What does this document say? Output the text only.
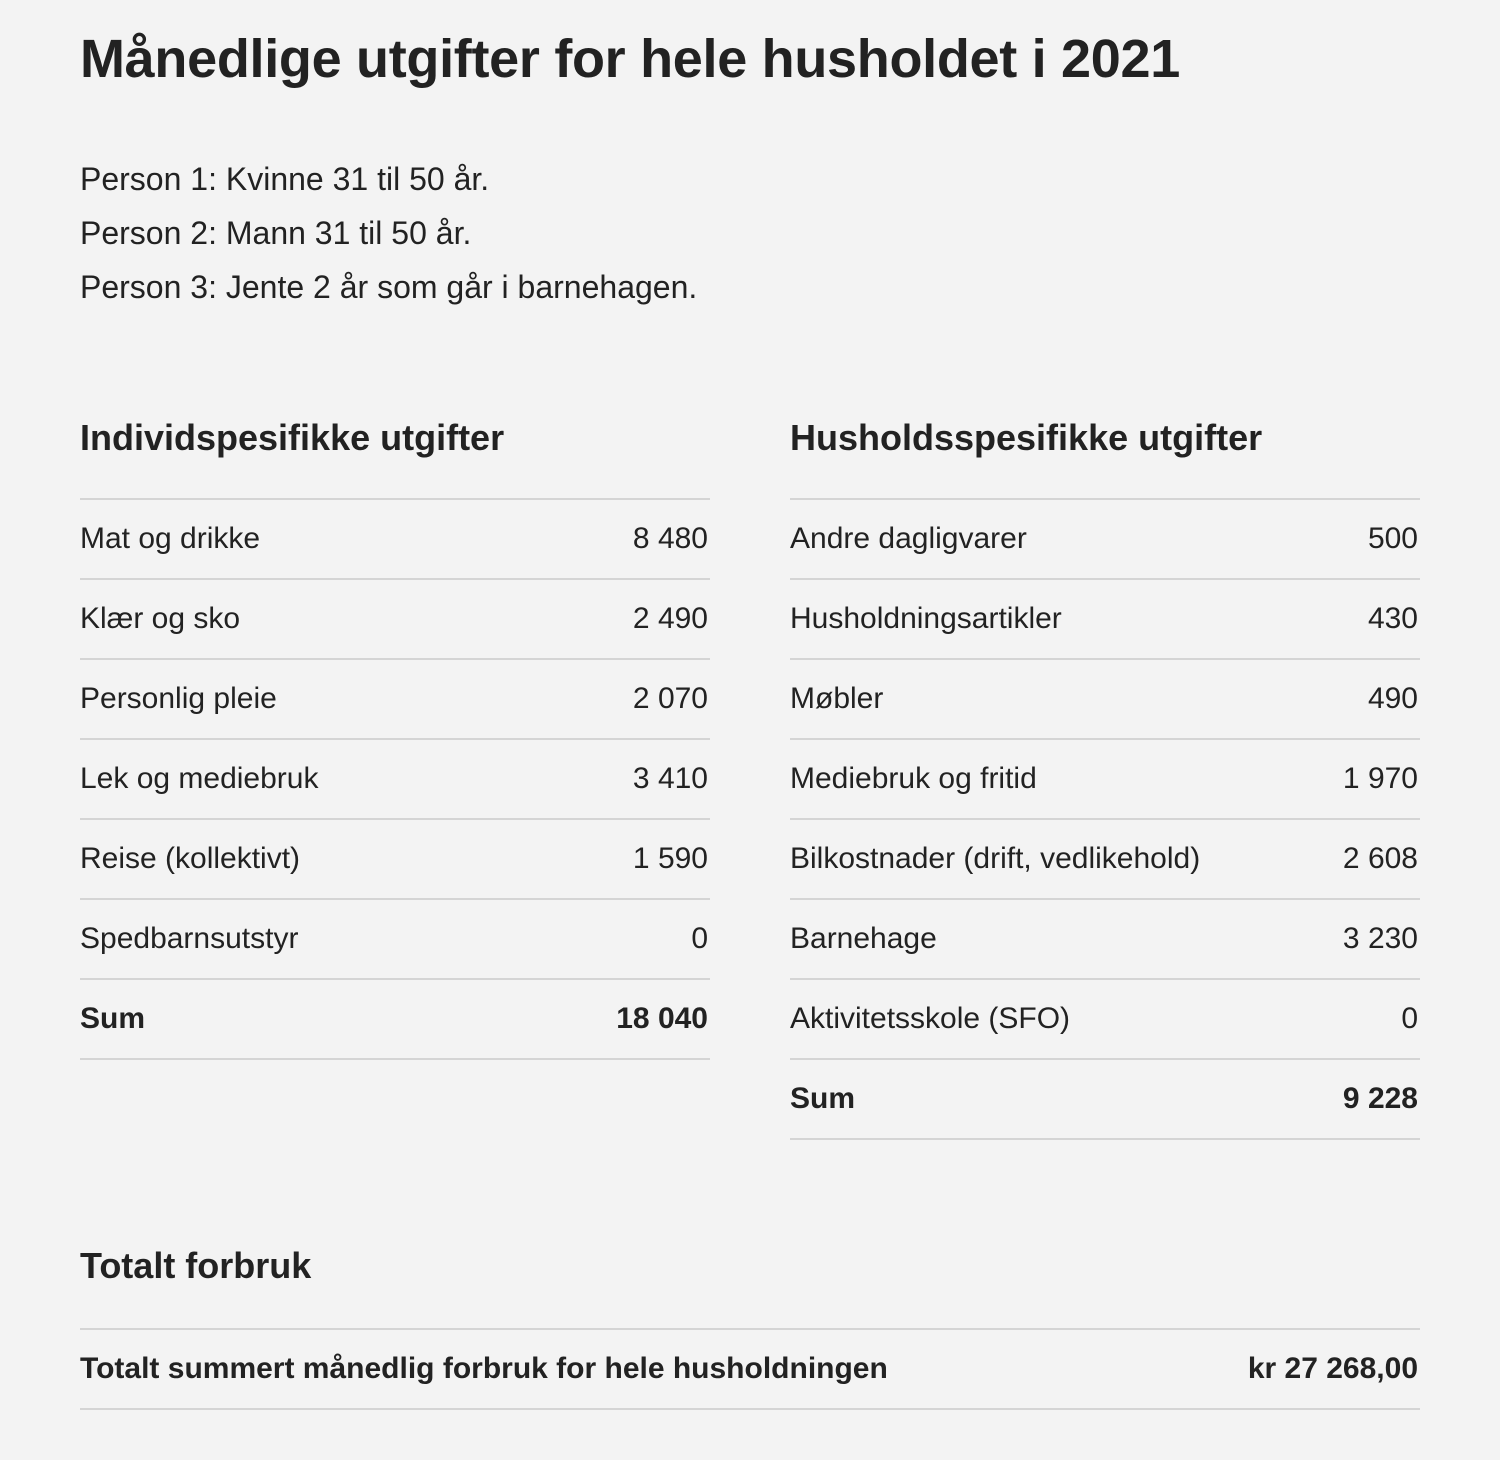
Månedlige utgifter for hele husholdet i 2021
Person 1: Kvinne 31 til 50 år.
Person 2: Mann 31 til 50 år.
Person 3: Jente 2 år som går i barnehagen.
Individspesifikke utgifter
Mat og drikke	8 480
Klær og sko	2 490
Personlig pleie	2 070
Lek og mediebruk	3 410
Reise (kollektivt)	1 590
Spedbarnsutstyr	0
Sum	18 040
Husholdsspesifikke utgifter
Andre dagligvarer	500
Husholdningsartikler	430
Møbler	490
Mediebruk og fritid	1 970
Bilkostnader (drift, vedlikehold)	2 608
Barnehage	3 230
Aktivitetsskole (SFO)	0
Sum	9 228
Totalt forbruk
Totalt summert månedlig forbruk for hele husholdningen	kr 27 268,00
